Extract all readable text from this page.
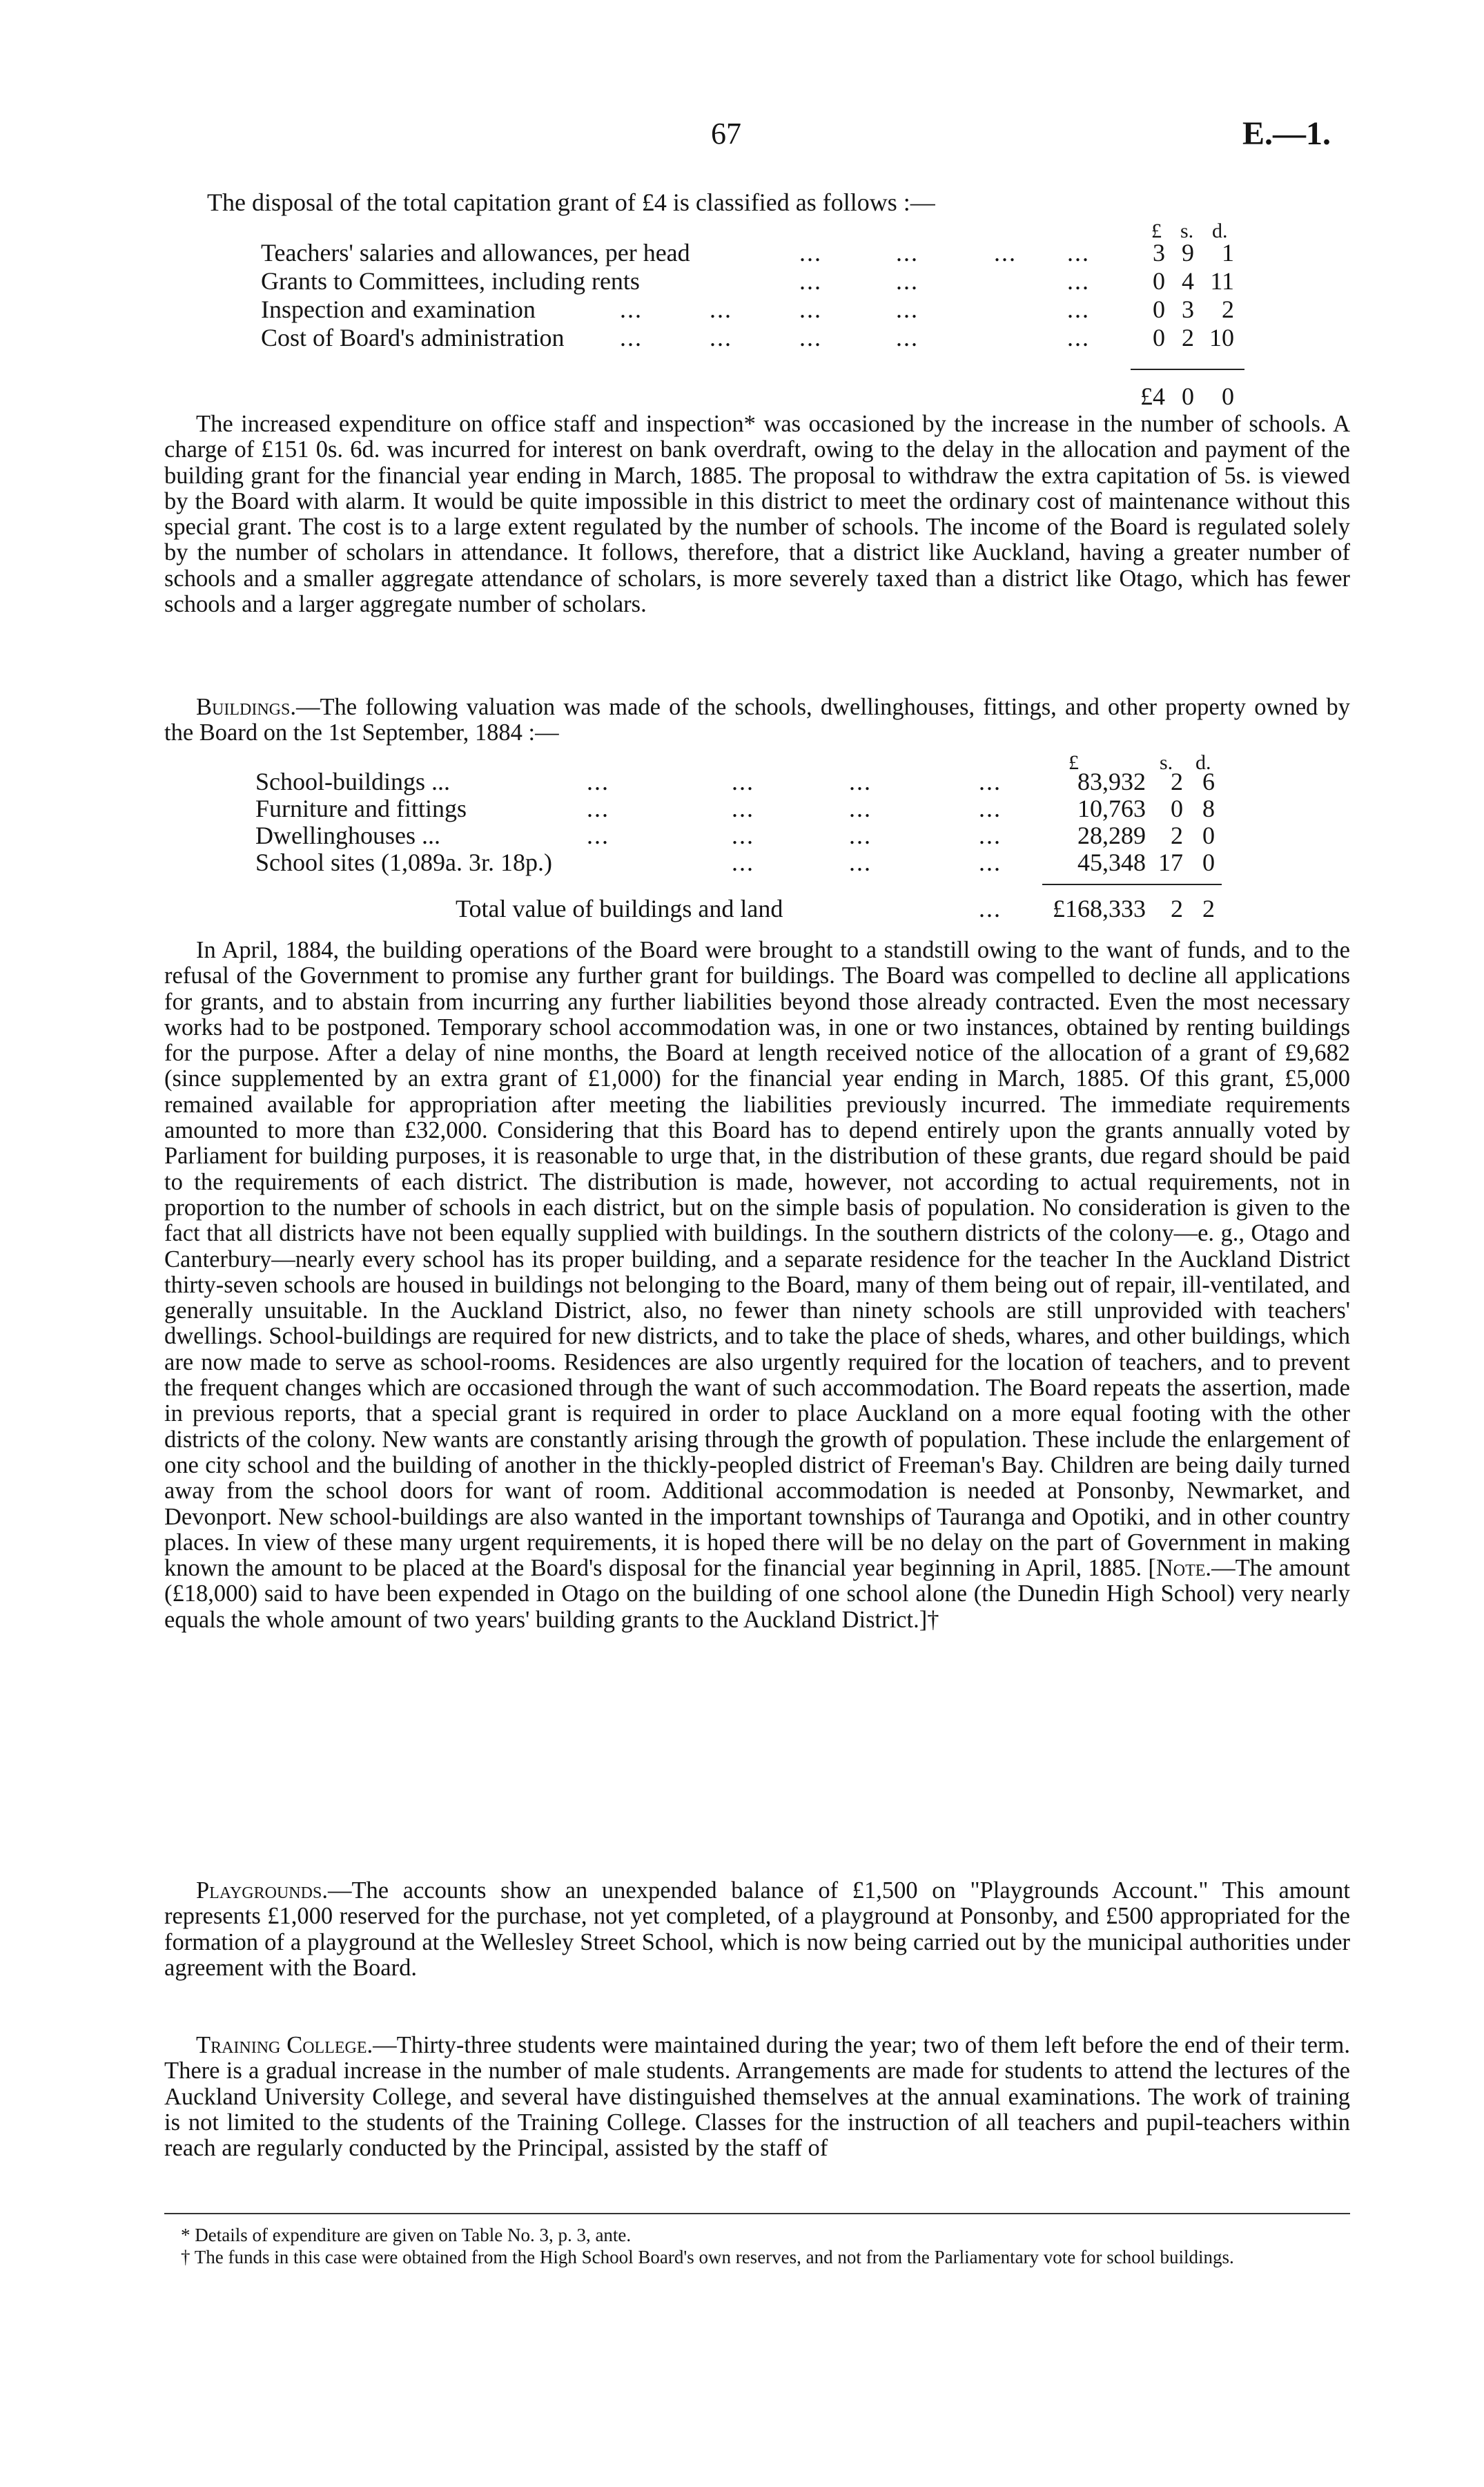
67	E.—1.

The disposal of the total capitation grant of £4 is classified as follows :—

£ s. d.
Teachers' salaries and allowances, per head	...	...	... ...	3 9	1
Grants to Committees, including rents	...	...	...	0 4 11
Inspection and examination	...	...	...	...	...	0 3	2
Cost of Board's administration ...	...	...	...	...	0 2 10
£4 0	0

The increased expenditure on office staff and inspection* was occasioned by the increase in the number of schools. A charge of £151 0s. 6d. was incurred for interest on bank overdraft, owing to the delay in the allocation and payment of the building grant for the financial year ending in March, 1885. The proposal to withdraw the extra capitation of 5s. is viewed by the Board with alarm. It would be quite impossible in this district to meet the ordinary cost of maintenance without this special grant. The cost is to a large extent regulated by the number of schools. The income of the Board is regulated solely by the number of scholars in attendance. It follows, therefore, that a district like Auckland, having a greater number of schools and a smaller aggregate attendance of scholars, is more severely taxed than a district like Otago, which has fewer schools and a larger aggregate number of scholars.

Buildings.—The following valuation was made of the schools, dwellinghouses, fittings, and other property owned by the Board on the 1st September, 1884 :—

£	s. d.
School-buildings ...	...	...	...	...	83,932	2 6
Furniture and fittings	...	...	...	...	10,763	0 8
Dwellinghouses ...	...	...	...	...	28,289	2 0
School sites (1,089a. 3r. 18p.)	...	...	...	45,348 17 0
Total value of buildings and land	...	£168,333	2 2

In April, 1884, the building operations of the Board were brought to a standstill owing to the want of funds, and to the refusal of the Government to promise any further grant for buildings. The Board was compelled to decline all applications for grants, and to abstain from incurring any further liabilities beyond those already contracted. Even the most necessary works had to be postponed. Temporary school accommodation was, in one or two instances, obtained by renting buildings for the purpose. After a delay of nine months, the Board at length received notice of the allocation of a grant of £9,682 (since supplemented by an extra grant of £1,000) for the financial year ending in March, 1885. Of this grant, £5,000 remained available for appropriation after meeting the liabilities previously incurred. The immediate requirements amounted to more than £32,000. Considering that this Board has to depend entirely upon the grants annually voted by Parliament for building purposes, it is reasonable to urge that, in the distribution of these grants, due regard should be paid to the requirements of each district. The distribution is made, however, not according to actual requirements, not in proportion to the number of schools in each district, but on the simple basis of population. No consideration is given to the fact that all districts have not been equally supplied with buildings. In the southern districts of the colony—e. g., Otago and Canterbury—nearly every school has its proper building, and a separate residence for the teacher In the Auckland District thirty-seven schools are housed in buildings not belonging to the Board, many of them being out of repair, ill-ventilated, and generally unsuitable. In the Auckland District, also, no fewer than ninety schools are still unprovided with teachers' dwellings. School-buildings are required for new districts, and to take the place of sheds, whares, and other buildings, which are now made to serve as school-rooms. Residences are also urgently required for the location of teachers, and to prevent the frequent changes which are occasioned through the want of such accommodation. The Board repeats the assertion, made in previous reports, that a special grant is required in order to place Auckland on a more equal footing with the other districts of the colony. New wants are constantly arising through the growth of population. These include the enlargement of one city school and the building of another in the thickly-peopled district of Freeman's Bay. Children are being daily turned away from the school doors for want of room. Additional accommodation is needed at Ponsonby, Newmarket, and Devonport. New school-buildings are also wanted in the important townships of Tauranga and Opotiki, and in other country places. In view of these many urgent requirements, it is hoped there will be no delay on the part of Government in making known the amount to be placed at the Board's disposal for the financial year beginning in April, 1885. [Note.—The amount (£18,000) said to have been expended in Otago on the building of one school alone (the Dunedin High School) very nearly equals the whole amount of two years' building grants to the Auckland District.]†

Playgrounds.—The accounts show an unexpended balance of £1,500 on "Playgrounds Account." This amount represents £1,000 reserved for the purchase, not yet completed, of a playground at Ponsonby, and £500 appropriated for the formation of a playground at the Wellesley Street School, which is now being carried out by the municipal authorities under agreement with the Board.

Training College.—Thirty-three students were maintained during the year; two of them left before the end of their term. There is a gradual increase in the number of male students. Arrangements are made for students to attend the lectures of the Auckland University College, and several have distinguished themselves at the annual examinations. The work of training is not limited to the students of the Training College. Classes for the instruction of all teachers and pupil-teachers within reach are regularly conducted by the Principal, assisted by the staff of

* Details of expenditure are given on Table No. 3, p. 3, ante.

† The funds in this case were obtained from the High School Board's own reserves, and not from the Parliamentary vote for school buildings.
